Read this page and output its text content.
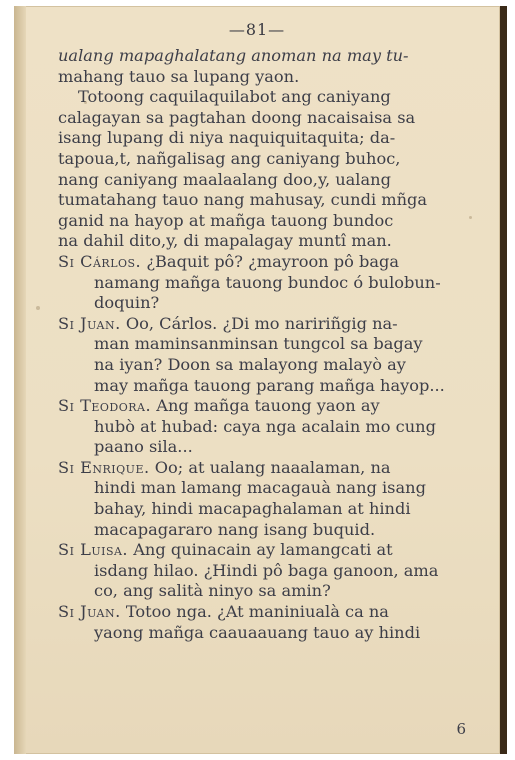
—81—
ualang mapaghalatang anoman na may tu-
mahang tauo sa lupang yaon.
Totoong caquilaquilabot ang caniyang
calagayan sa pagtahan doong nacaisaisa sa
isang lupang di niya naquiquitaquita; da-
tapoua,t, nañgalisag ang caniyang buhoc,
nang caniyang maalaalang doo,y, ualang
tumatahang tauo nang mahusay, cundi mñga
ganid na hayop at mañga tauong bundoc
na dahil dito,y, di mapalagay muntî man.
Si Cárlos. ¿Baquit pô? ¿mayroon pô baga
namang mañga tauong bundoc ó bulobun-
doquin?
Si Juan. Oo, Cárlos. ¿Di mo naririñgig na-
man maminsanminsan tungcol sa bagay
na iyan? Doon sa malayong malayò ay
may mañga tauong parang mañga hayop...
Si Teodora. Ang mañga tauong yaon ay
hubò at hubad: caya nga acalain mo cung
paano sila...
Si Enrique. Oo; at ualang naaalaman, na
hindi man lamang macagauà nang isang
bahay, hindi macapaghalaman at hindi
macapagararo nang isang buquid.
Si Luisa. Ang quinacain ay lamangcati at
isdang hilao. ¿Hindi pô baga ganoon, ama
co, ang salità ninyo sa amin?
Si Juan. Totoo nga. ¿At maniniualà ca na
yaong mañga caauaauang tauo ay hindi
6
